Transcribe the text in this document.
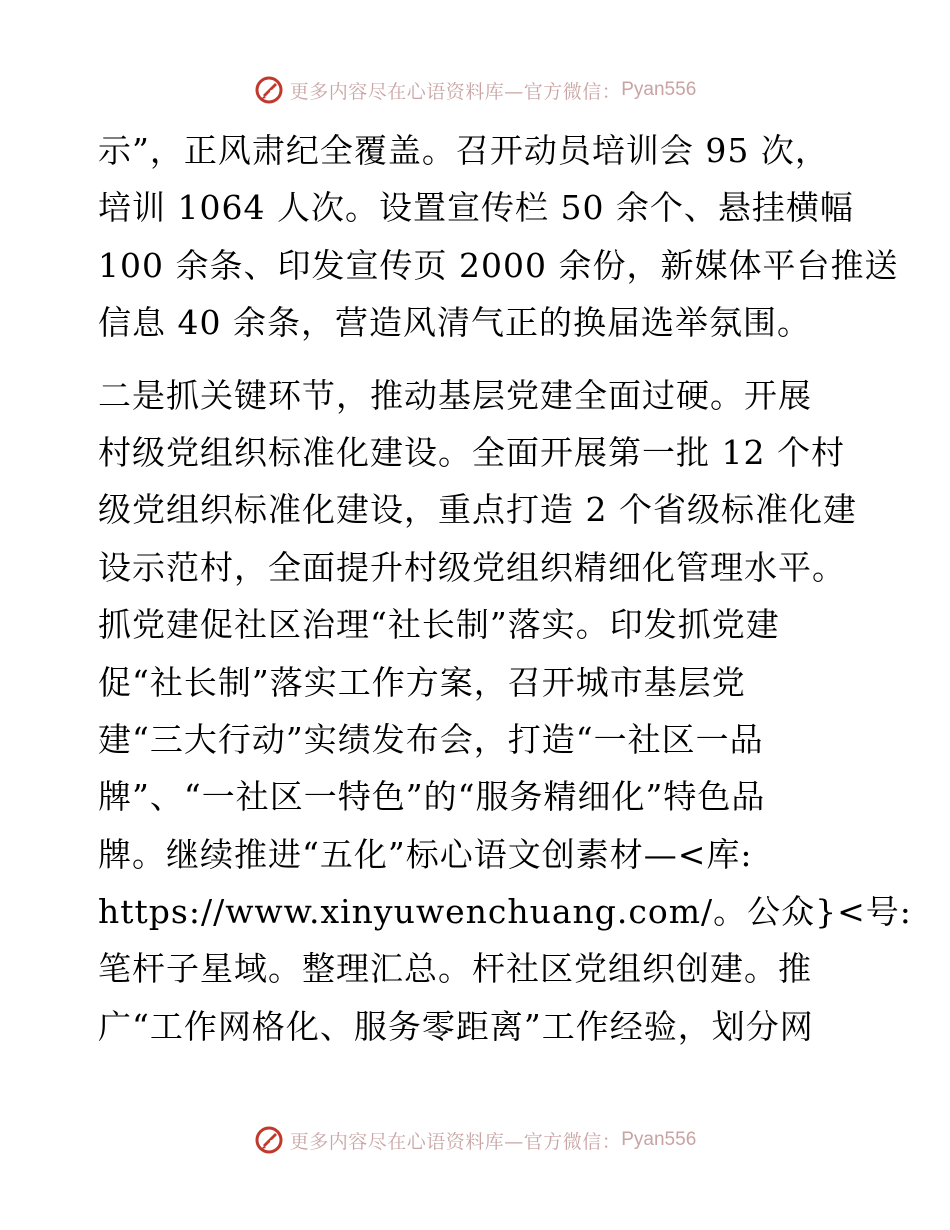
更多内容尽在心语资料库—官方微信： Pyan556
示”，正风肃纪全覆盖。召开动员培训会 95 次，
培训 1064 人次。设置宣传栏 50 余个、悬挂横幅
100 余条、印发宣传页 2000 余份，新媒体平台推送
信息 40 余条，营造风清气正的换届选举氛围。
二是抓关键环节，推动基层党建全面过硬。开展
村级党组织标准化建设。全面开展第一批 12 个村
级党组织标准化建设，重点打造 2 个省级标准化建
设示范村，全面提升村级党组织精细化管理水平。
抓党建促社区治理“社长制”落实。印发抓党建
促“社长制”落实工作方案，召开城市基层党
建“三大行动”实绩发布会，打造“一社区一品
牌”、“一社区一特色”的“服务精细化”特色品
牌。继续推进“五化”标心语文创素材—<库:
https://www.xinyuwenchuang.com/。公众}<号:
笔杆子星域。整理汇总。杆社区党组织创建。推
广“工作网格化、服务零距离”工作经验，划分网
更多内容尽在心语资料库—官方微信： Pyan556
